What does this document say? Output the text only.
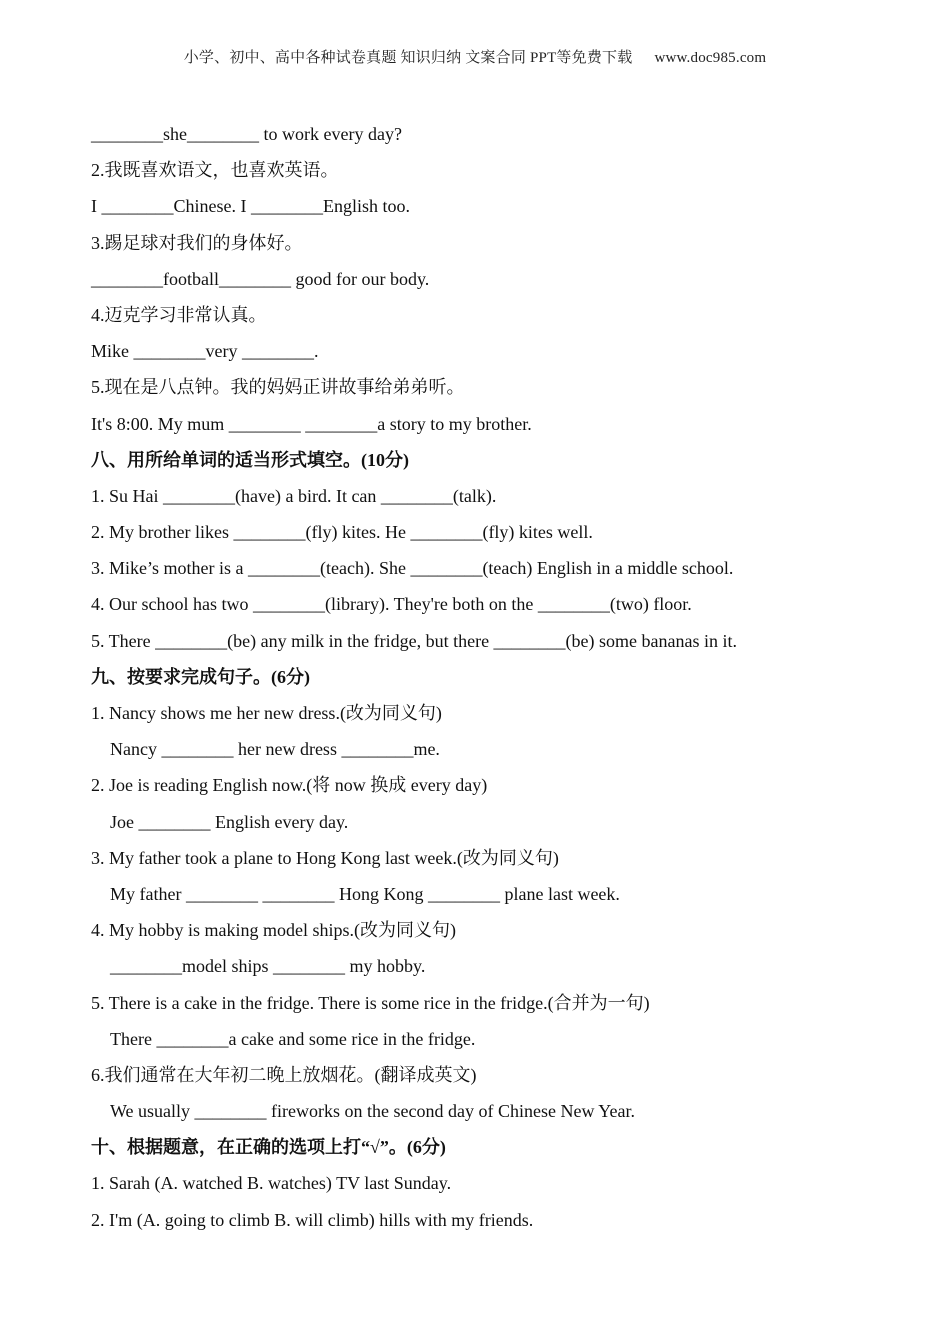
小学、初中、高中各种试卷真题 知识归纳 文案合同 PPT等免费下载 www.doc985.com
________she________ to work every day?
2.我既喜欢语文，也喜欢英语。
I ________Chinese. I ________English too.
3.踢足球对我们的身体好。
________football________ good for our body.
4.迈克学习非常认真。
Mike ________very ________.
5.现在是八点钟。我的妈妈正讲故事给弟弟听。
It's 8:00. My mum ________ ________a story to my brother.
八、用所给单词的适当形式填空。(10分)
1. Su Hai ________(have) a bird. It can ________(talk).
2. My brother likes ________(fly) kites. He ________(fly) kites well.
3. Mike’s mother is a ________(teach). She ________(teach) English in a middle school.
4. Our school has two ________(library). They're both on the ________(two) floor.
5. There ________(be) any milk in the fridge, but there ________(be) some bananas in it.
九、按要求完成句子。(6分)
1. Nancy shows me her new dress.(改为同义句)
Nancy ________ her new dress ________me.
2. Joe is reading English now.(将 now 换成 every day)
Joe ________ English every day.
3. My father took a plane to Hong Kong last week.(改为同义句)
My father ________ ________ Hong Kong ________ plane last week.
4. My hobby is making model ships.(改为同义句)
________model ships ________ my hobby.
5. There is a cake in the fridge. There is some rice in the fridge.(合并为一句)
There ________a cake and some rice in the fridge.
6.我们通常在大年初二晚上放烟花。(翻译成英文)
We usually ________ fireworks on the second day of Chinese New Year.
十、根据题意，在正确的选项上打“√”。(6分)
1. Sarah (A. watched B. watches) TV last Sunday.
2. I'm (A. going to climb B. will climb) hills with my friends.
